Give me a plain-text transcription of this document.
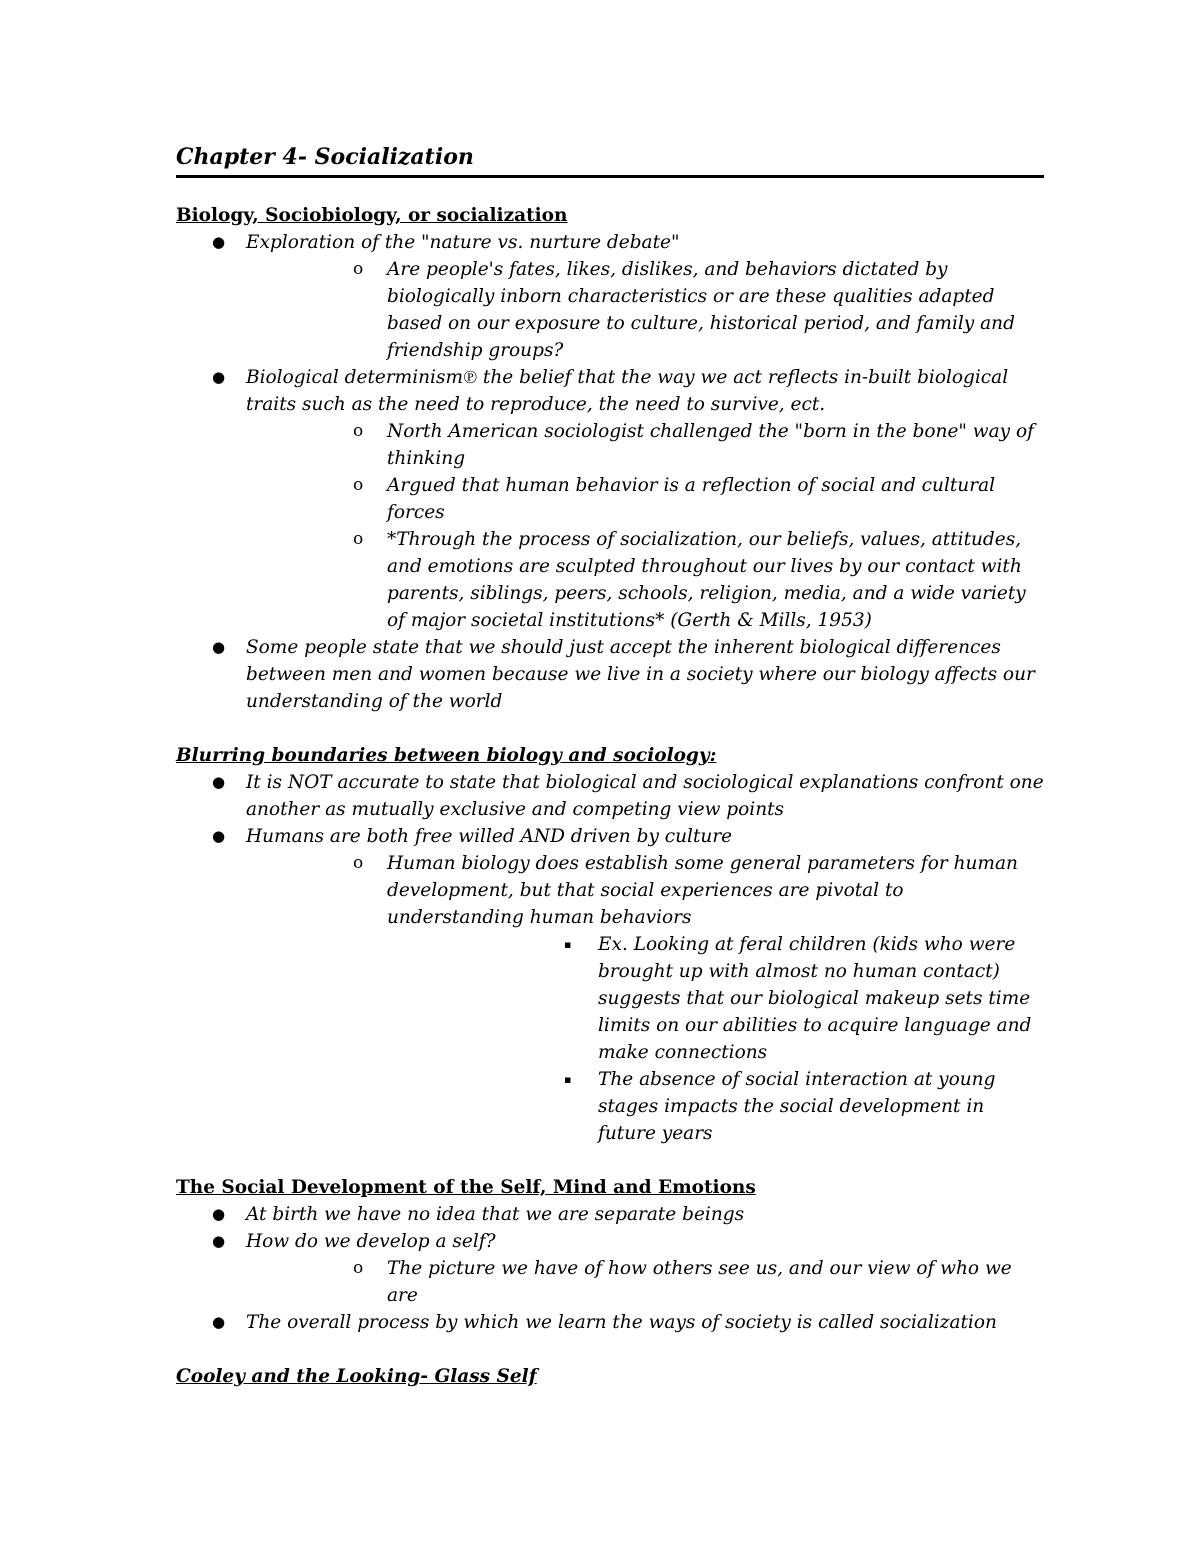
Chapter 4- Socialization
Biology, Sociobiology, or socialization
● Exploration of the "nature vs. nurture debate"
o Are people's fates, likes, dislikes, and behaviors dictated by biologically inborn characteristics or are these qualities adapted based on our exposure to culture, historical period, and family and friendship groups?
● Biological determinism℗ the belief that the way we act reflects in-built biological traits such as the need to reproduce, the need to survive, ect.
o North American sociologist challenged the "born in the bone" way of thinking
o Argued that human behavior is a reflection of social and cultural forces
o *Through the process of socialization, our beliefs, values, attitudes, and emotions are sculpted throughout our lives by our contact with parents, siblings, peers, schools, religion, media, and a wide variety of major societal institutions* (Gerth & Mills, 1953)
● Some people state that we should just accept the inherent biological differences between men and women because we live in a society where our biology affects our understanding of the world
Blurring boundaries between biology and sociology:
● It is NOT accurate to state that biological and sociological explanations confront one another as mutually exclusive and competing view points
● Humans are both free willed AND driven by culture
o Human biology does establish some general parameters for human development, but that social experiences are pivotal to understanding human behaviors
▪ Ex. Looking at feral children (kids who were brought up with almost no human contact) suggests that our biological makeup sets time limits on our abilities to acquire language and make connections
▪ The absence of social interaction at young stages impacts the social development in future years
The Social Development of the Self, Mind and Emotions
● At birth we have no idea that we are separate beings
● How do we develop a self?
o The picture we have of how others see us, and our view of who we are
● The overall process by which we learn the ways of society is called socialization
Cooley and the Looking- Glass Self
